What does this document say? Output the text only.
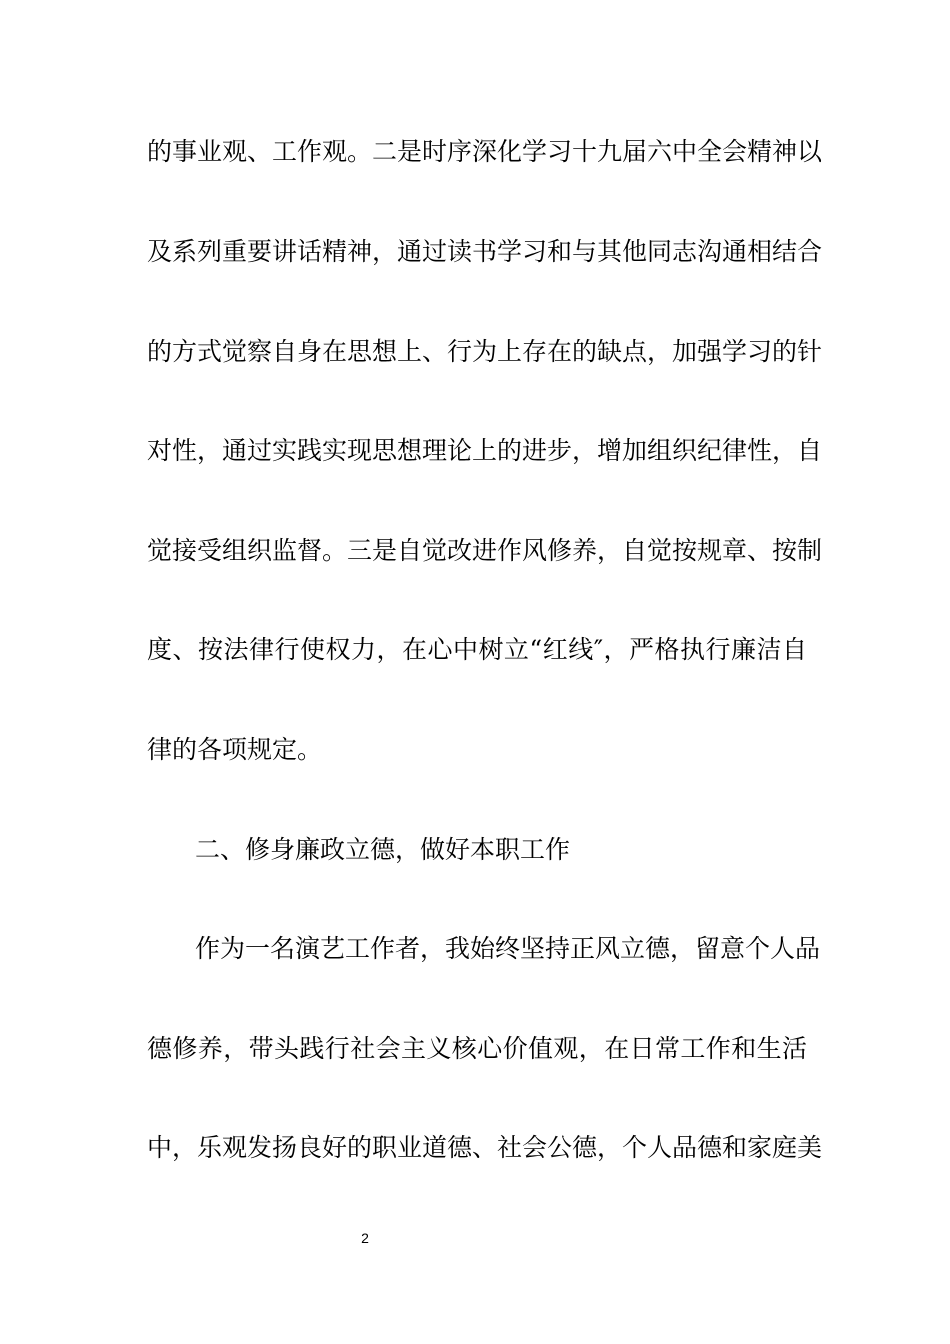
的事业观、工作观。二是时序深化学习十九届六中全会精神以
及系列重要讲话精神，通过读书学习和与其他同志沟通相结合
的方式觉察自身在思想上、行为上存在的缺点，加强学习的针
对性，通过实践实现思想理论上的进步，增加组织纪律性，自
觉接受组织监督。三是自觉改进作风修养，自觉按规章、按制
度、按法律行使权力，在心中树立“红线″，严格执行廉洁自
律的各项规定。
二、修身廉政立德，做好本职工作
作为一名演艺工作者，我始终坚持正风立德，留意个人品
德修养，带头践行社会主义核心价值观，在日常工作和生活
中，乐观发扬良好的职业道德、社会公德，个人品德和家庭美
2
